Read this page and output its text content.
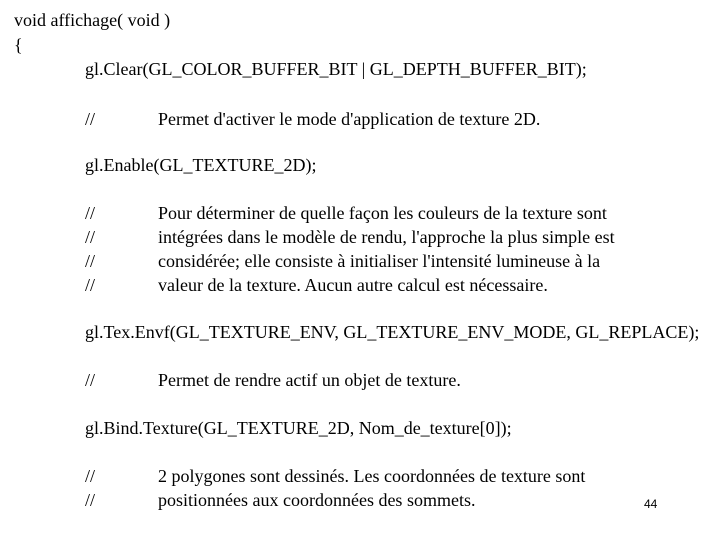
void affichage( void )
{
gl.Clear(GL_COLOR_BUFFER_BIT | GL_DEPTH_BUFFER_BIT);
//	Permet d'activer le mode d'application de texture 2D.
gl.Enable(GL_TEXTURE_2D);
//	Pour déterminer de quelle façon les couleurs de la texture sont
//	intégrées dans le modèle de rendu, l'approche la plus simple est
//	considérée; elle consiste à initialiser l'intensité lumineuse à la
//	valeur de la texture. Aucun autre calcul est nécessaire.
gl.Tex.Envf(GL_TEXTURE_ENV, GL_TEXTURE_ENV_MODE, GL_REPLACE);
//	Permet de rendre actif un objet de texture.
gl.Bind.Texture(GL_TEXTURE_2D, Nom_de_texture[0]);
//	2 polygones sont dessinés. Les coordonnées de texture sont
//	positionnées aux coordonnées des sommets.	44
